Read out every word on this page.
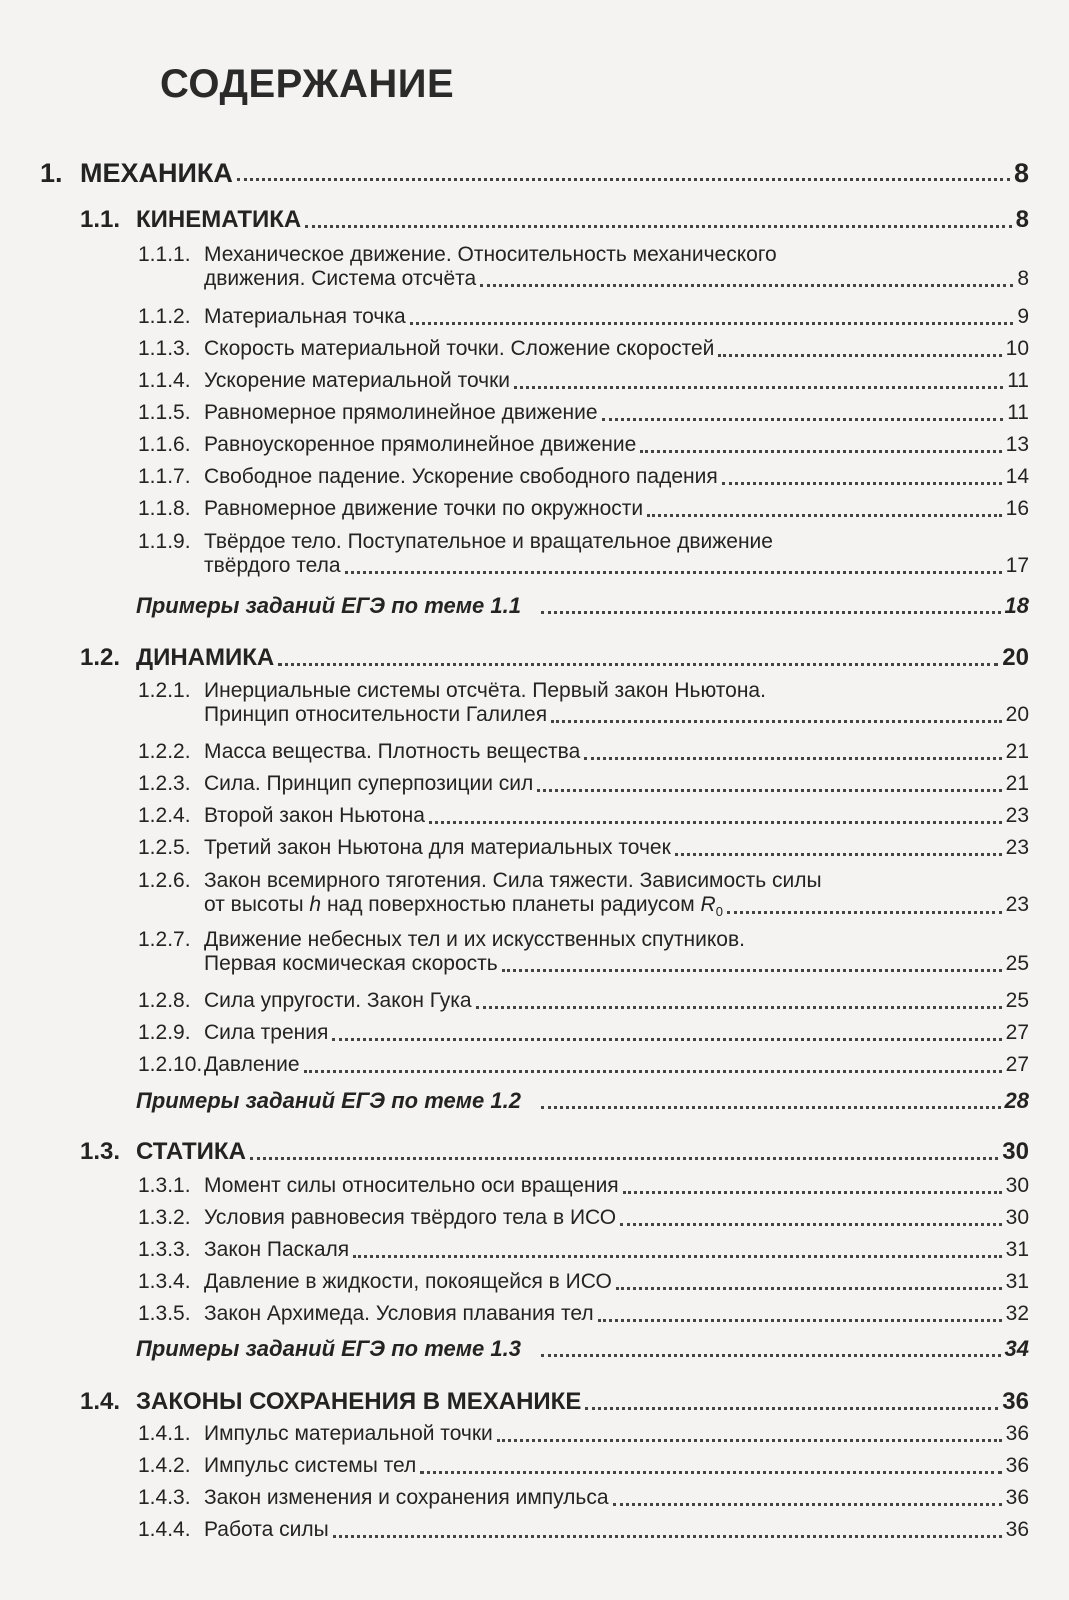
СОДЕРЖАНИЕ
1. МЕХАНИКА	8
1.1. КИНЕМАТИКА	8
1.1.1. Механическое движение. Относительность механического
движения. Система отсчёта	8
1.1.2. Материальная точка	9
1.1.3. Скорость материальной точки. Сложение скоростей	10
1.1.4. Ускорение материальной точки	11
1.1.5. Равномерное прямолинейное движение	11
1.1.6. Равноускоренное прямолинейное движение	13
1.1.7. Свободное падение. Ускорение свободного падения	14
1.1.8. Равномерное движение точки по окружности	16
1.1.9. Твёрдое тело. Поступательное и вращательное движение
твёрдого тела	17
Примеры заданий ЕГЭ по теме 1.1	18
1.2. ДИНАМИКА	20
1.2.1. Инерциальные системы отсчёта. Первый закон Ньютона.
Принцип относительности Галилея	20
1.2.2. Масса вещества. Плотность вещества	21
1.2.3. Сила. Принцип суперпозиции сил	21
1.2.4. Второй закон Ньютона	23
1.2.5. Третий закон Ньютона для материальных точек	23
1.2.6. Закон всемирного тяготения. Сила тяжести. Зависимость силы
от высоты h над поверхностью планеты радиусом $R_0$	23
1.2.7. Движение небесных тел и их искусственных спутников.
Первая космическая скорость	25
1.2.8. Сила упругости. Закон Гука	25
1.2.9. Сила трения	27
1.2.10. Давление	27
Примеры заданий ЕГЭ по теме 1.2	28
1.3. СТАТИКА	30
1.3.1. Момент силы относительно оси вращения	30
1.3.2. Условия равновесия твёрдого тела в ИСО	30
1.3.3. Закон Паскаля	31
1.3.4. Давление в жидкости, покоящейся в ИСО	31
1.3.5. Закон Архимеда. Условия плавания тел	32
Примеры заданий ЕГЭ по теме 1.3	34
1.4. ЗАКОНЫ СОХРАНЕНИЯ В МЕХАНИКЕ	36
1.4.1. Импульс материальной точки	36
1.4.2. Импульс системы тел	36
1.4.3. Закон изменения и сохранения импульса	36
1.4.4. Работа силы	36
